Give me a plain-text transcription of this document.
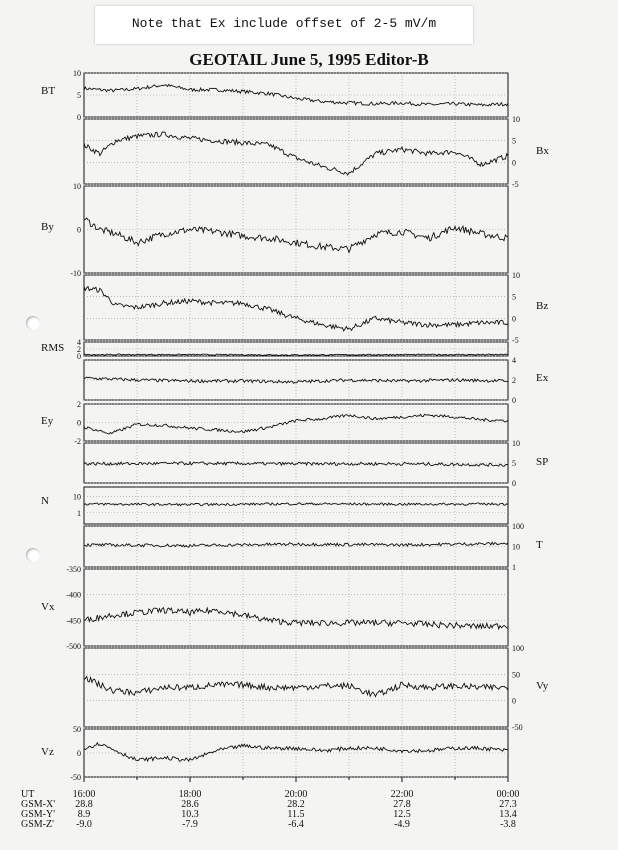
Note that Ex include offset of 2-5 mV/m
GEOTAIL June 5, 1995 Editor-B
10
5
0
BT
10
5
0
-5
Bx
10
0
-10
By
10
5
0
-5
Bz
4
2
0
RMS
4
2
0
Ex
2
0
-2
Ey
10
5
0
SP
10
1
N
100
10
1
T
-350
-400
-450
-500
Vx
100
50
0
-50
Vy
50
0
-50
Vz
UT	16:00	18:00	20:00	22:00	00:00
GSM-X'	28.8	28.6	28.2	27.8	27.3
GSM-Y'	8.9	10.3	11.5	12.5	13.4
GSM-Z'	-9.0	-7.9	-6.4	-4.9	-3.8
